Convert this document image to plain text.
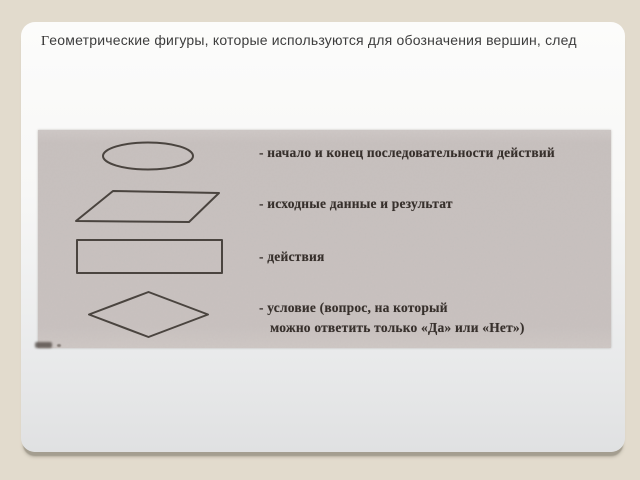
Геометрические фигуры, которые используются для обозначения вершин, след
- начало и конец последовательности действий
- исходные данные и результат
- действия
- условие (вопрос, на который
можно ответить только «Да» или «Нет»)
